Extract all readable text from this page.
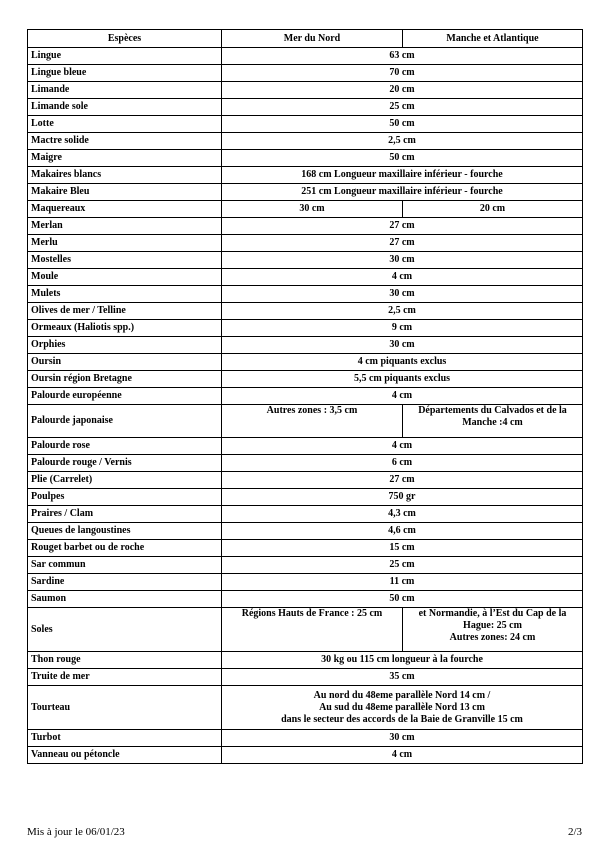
Espèces	Mer du Nord	Manche et Atlantique
Lingue	63 cm	
Lingue bleue	70 cm	
Limande	20 cm	
Limande sole	25 cm	
Lotte	50 cm	
Mactre solide	2,5 cm	
Maigre	50 cm	
Makaires blancs	168 cm Longueur maxillaire inférieur - fourche	
Makaire Bleu	251 cm Longueur maxillaire inférieur - fourche	
Maquereaux	30 cm	20 cm
Merlan	27 cm	
Merlu	27 cm	
Mostelles	30 cm	
Moule	4 cm	
Mulets	30 cm	
Olives de mer / Telline	2,5 cm	
Ormeaux (Haliotis spp.)	9 cm	
Orphies	30 cm	
Oursin	4 cm piquants exclus	
Oursin région Bretagne	5,5 cm piquants exclus	
Palourde européenne	4 cm	
Palourde japonaise	Autres zones : 3,5 cm	Départements du Calvados et de la Manche :4 cm
Palourde rose	4 cm	
Palourde rouge / Vernis	6 cm	
Plie (Carrelet)	27 cm	
Poulpes	750 gr	
Praires / Clam	4,3 cm	
Queues de langoustines	4,6 cm	
Rouget barbet ou de roche	15 cm	
Sar commun	25 cm	
Sardine	11 cm	
Saumon	50 cm	
Soles	Régions Hauts de France : 25 cm	et Normandie, à l’Est du Cap de la Hague: 25 cm
Autres zones: 24 cm
Thon rouge	30 kg ou 115 cm longueur à la fourche	
Truite de mer	35 cm	
Tourteau	Au nord du 48eme parallèle Nord 14 cm /
Au sud du 48eme parallèle Nord 13 cm
dans le secteur des accords de la Baie de Granville 15 cm	
Turbot	30 cm	
Vanneau ou pétoncle	4 cm	
Mis à jour le 06/01/23	2/3
